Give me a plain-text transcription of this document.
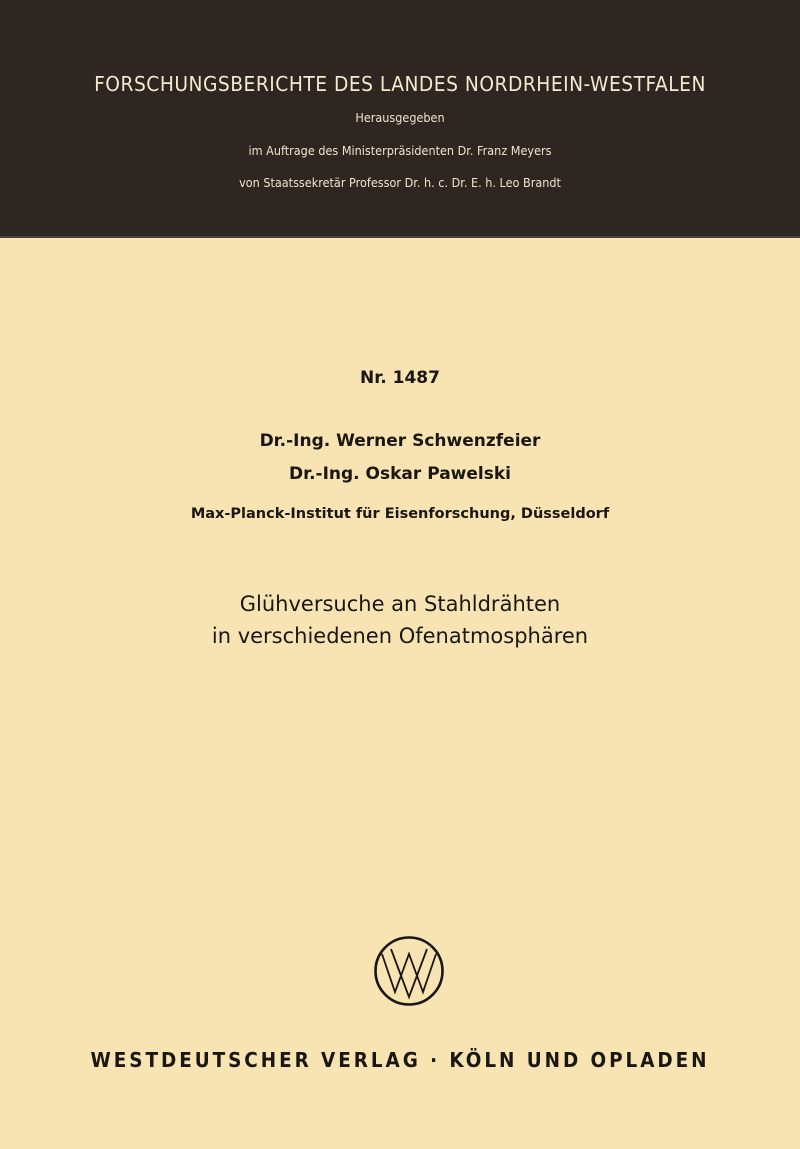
FORSCHUNGSBERICHTE DES LANDES NORDRHEIN-WESTFALEN
Herausgegeben
im Auftrage des Ministerpräsidenten Dr. Franz Meyers
von Staatssekretär Professor Dr. h. c. Dr. E. h. Leo Brandt
Nr. 1487
Dr.-Ing. Werner Schwenzfeier
Dr.-Ing. Oskar Pawelski
Max-Planck-Institut für Eisenforschung, Düsseldorf
Glühversuche an Stahldrähten
in verschiedenen Ofenatmosphären
WESTDEUTSCHER VERLAG · KÖLN UND OPLADEN
